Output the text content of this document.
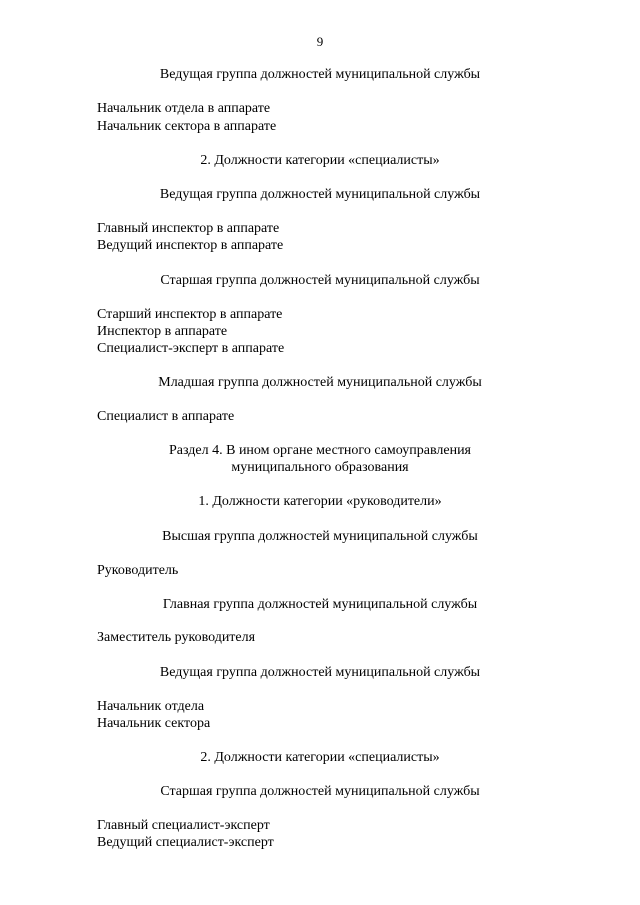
9
Ведущая группа должностей муниципальной службы
Начальник отдела в аппарате
Начальник сектора в аппарате
2. Должности категории «специалисты»
Ведущая группа должностей муниципальной службы
Главный инспектор в аппарате
Ведущий инспектор в аппарате
Старшая группа должностей муниципальной службы
Старший инспектор в аппарате
Инспектор в аппарате
Специалист-эксперт в аппарате
Младшая группа должностей муниципальной службы
Специалист в аппарате
Раздел 4. В ином органе местного самоуправления
муниципального образования
1. Должности категории «руководители»
Высшая группа должностей муниципальной службы
Руководитель
Главная группа должностей муниципальной службы
Заместитель руководителя
Ведущая группа должностей муниципальной службы
Начальник отдела
Начальник сектора
2. Должности категории «специалисты»
Старшая группа должностей муниципальной службы
Главный специалист-эксперт
Ведущий специалист-эксперт
